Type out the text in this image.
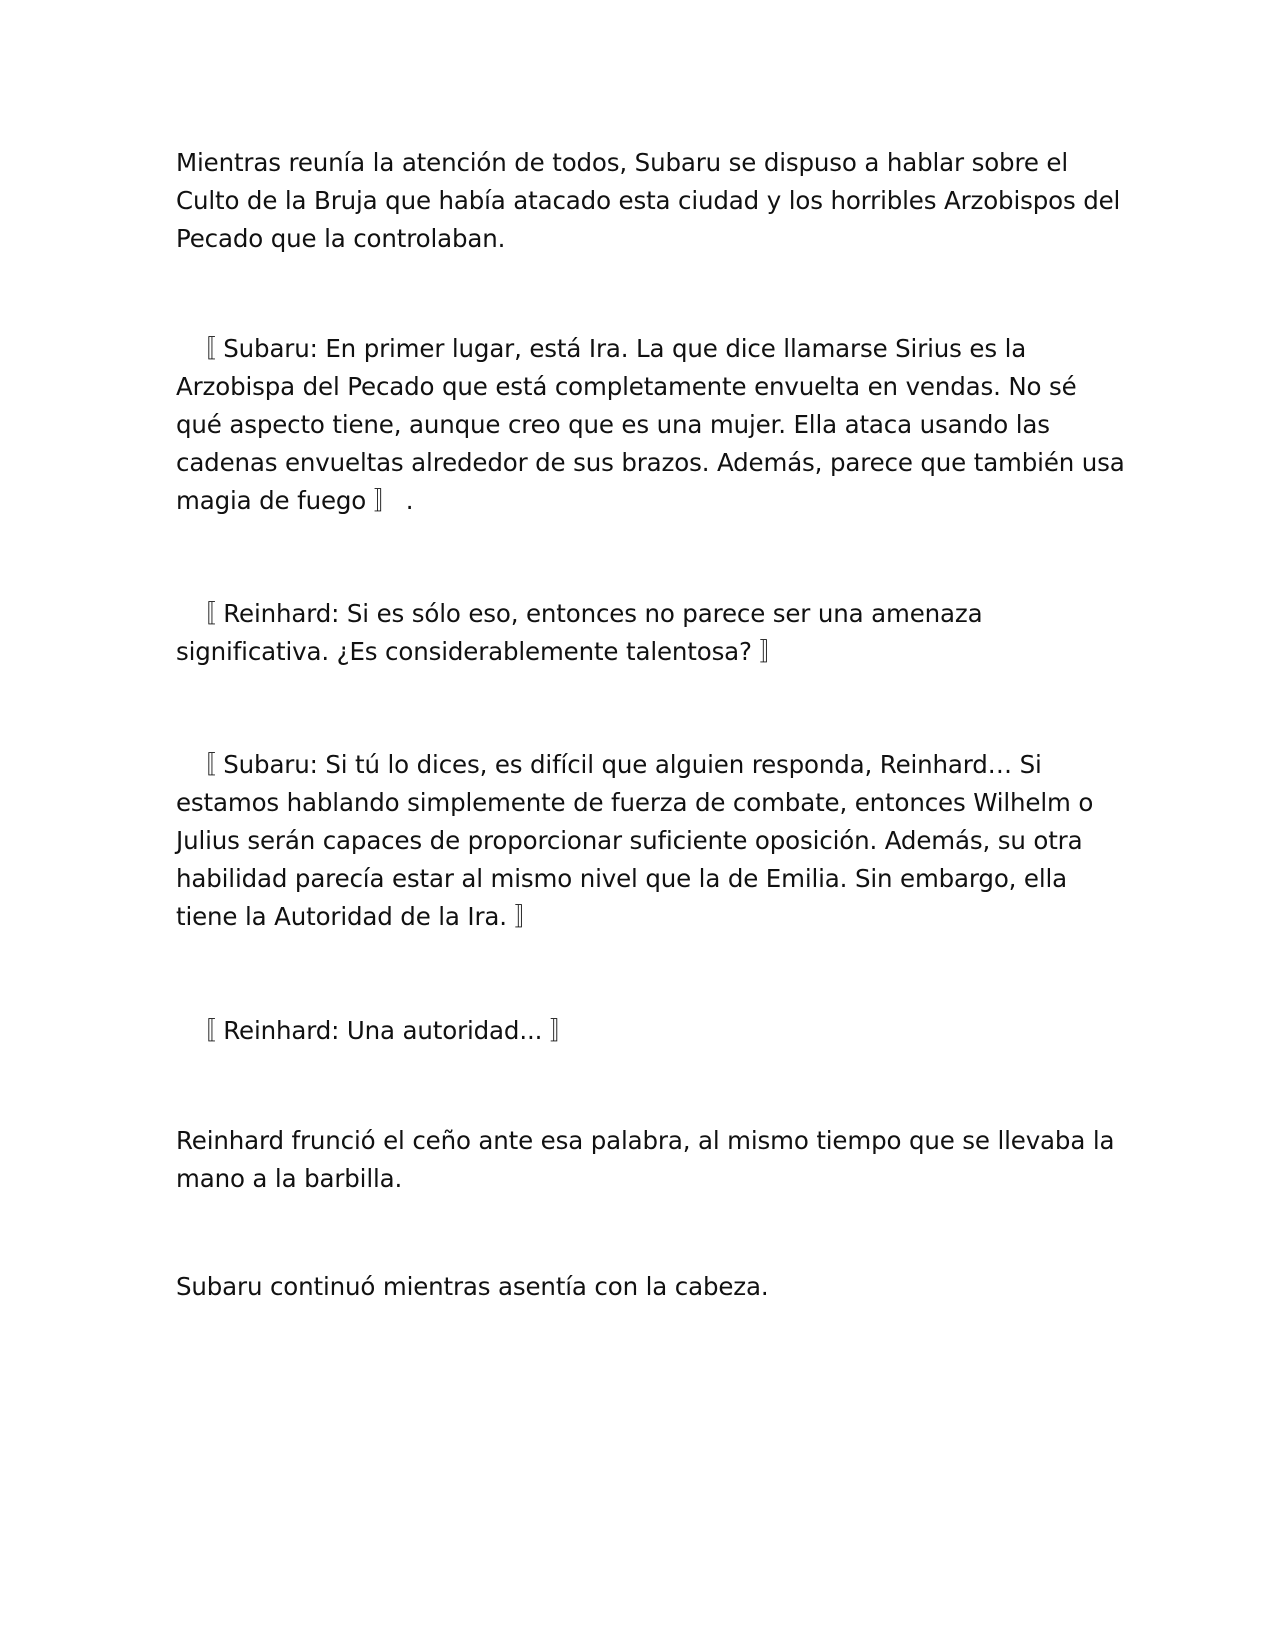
Mientras reunía la atención de todos, Subaru se dispuso a hablar sobre el
Culto de la Bruja que había atacado esta ciudad y los horribles Arzobispos del
Pecado que la controlaban.

〚 Subaru: En primer lugar, está Ira. La que dice llamarse Sirius es la
Arzobispa del Pecado que está completamente envuelta en vendas. No sé
qué aspecto tiene, aunque creo que es una mujer. Ella ataca usando las
cadenas envueltas alrededor de sus brazos. Además, parece que también usa
magia de fuego 〛 .

〚 Reinhard: Si es sólo eso, entonces no parece ser una amenaza
significativa. ¿Es considerablemente talentosa? 〛

〚 Subaru: Si tú lo dices, es difícil que alguien responda, Reinhard… Si
estamos hablando simplemente de fuerza de combate, entonces Wilhelm o
Julius serán capaces de proporcionar suficiente oposición. Además, su otra
habilidad parecía estar al mismo nivel que la de Emilia. Sin embargo, ella
tiene la Autoridad de la Ira. 〛

〚 Reinhard: Una autoridad... 〛

Reinhard frunció el ceño ante esa palabra, al mismo tiempo que se llevaba la
mano a la barbilla.

Subaru continuó mientras asentía con la cabeza.
